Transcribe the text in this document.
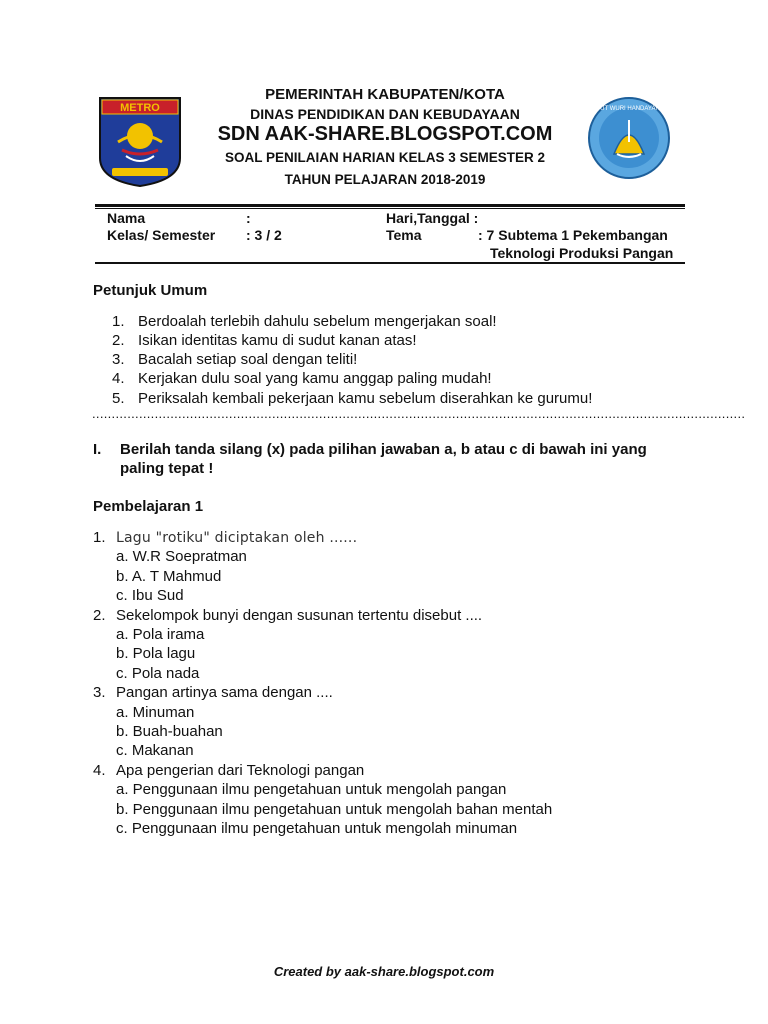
METRO	TUT WURI HANDAYANI
PEMERINTAH KABUPATEN/KOTA
DINAS PENDIDIKAN DAN KEBUDAYAAN
SDN AAK-SHARE.BLOGSPOT.COM
SOAL PENILAIAN HARIAN KELAS 3 SEMESTER 2
TAHUN PELAJARAN 2018-2019
Nama	:	Hari,Tanggal :
Kelas/ Semester : 3 / 2	Tema	: 7 Subtema 1 Pekembangan
Teknologi Produksi Pangan
Petunjuk Umum
1. Berdoalah terlebih dahulu sebelum mengerjakan soal!
2. Isikan identitas kamu di sudut kanan atas!
3. Bacalah setiap soal dengan teliti!
4. Kerjakan dulu soal yang kamu anggap paling mudah!
5. Periksalah kembali pekerjaan kamu sebelum diserahkan ke gurumu!
.......................................................................................................................................................................
I. Berilah tanda silang (x) pada pilihan jawaban a, b atau c di bawah ini yang
paling tepat !
Pembelajaran 1
1. Lagu "rotiku" diciptakan oleh ......
a. W.R Soepratman
b. A. T Mahmud
c. Ibu Sud
2. Sekelompok bunyi dengan susunan tertentu disebut ....
a. Pola irama
b. Pola lagu
c. Pola nada
3. Pangan artinya sama dengan ....
a. Minuman
b. Buah-buahan
c. Makanan
4. Apa pengerian dari Teknologi pangan
a. Penggunaan ilmu pengetahuan untuk mengolah pangan
b. Penggunaan ilmu pengetahuan untuk mengolah bahan mentah
c. Penggunaan ilmu pengetahuan untuk mengolah minuman
Created by aak-share.blogspot.com
